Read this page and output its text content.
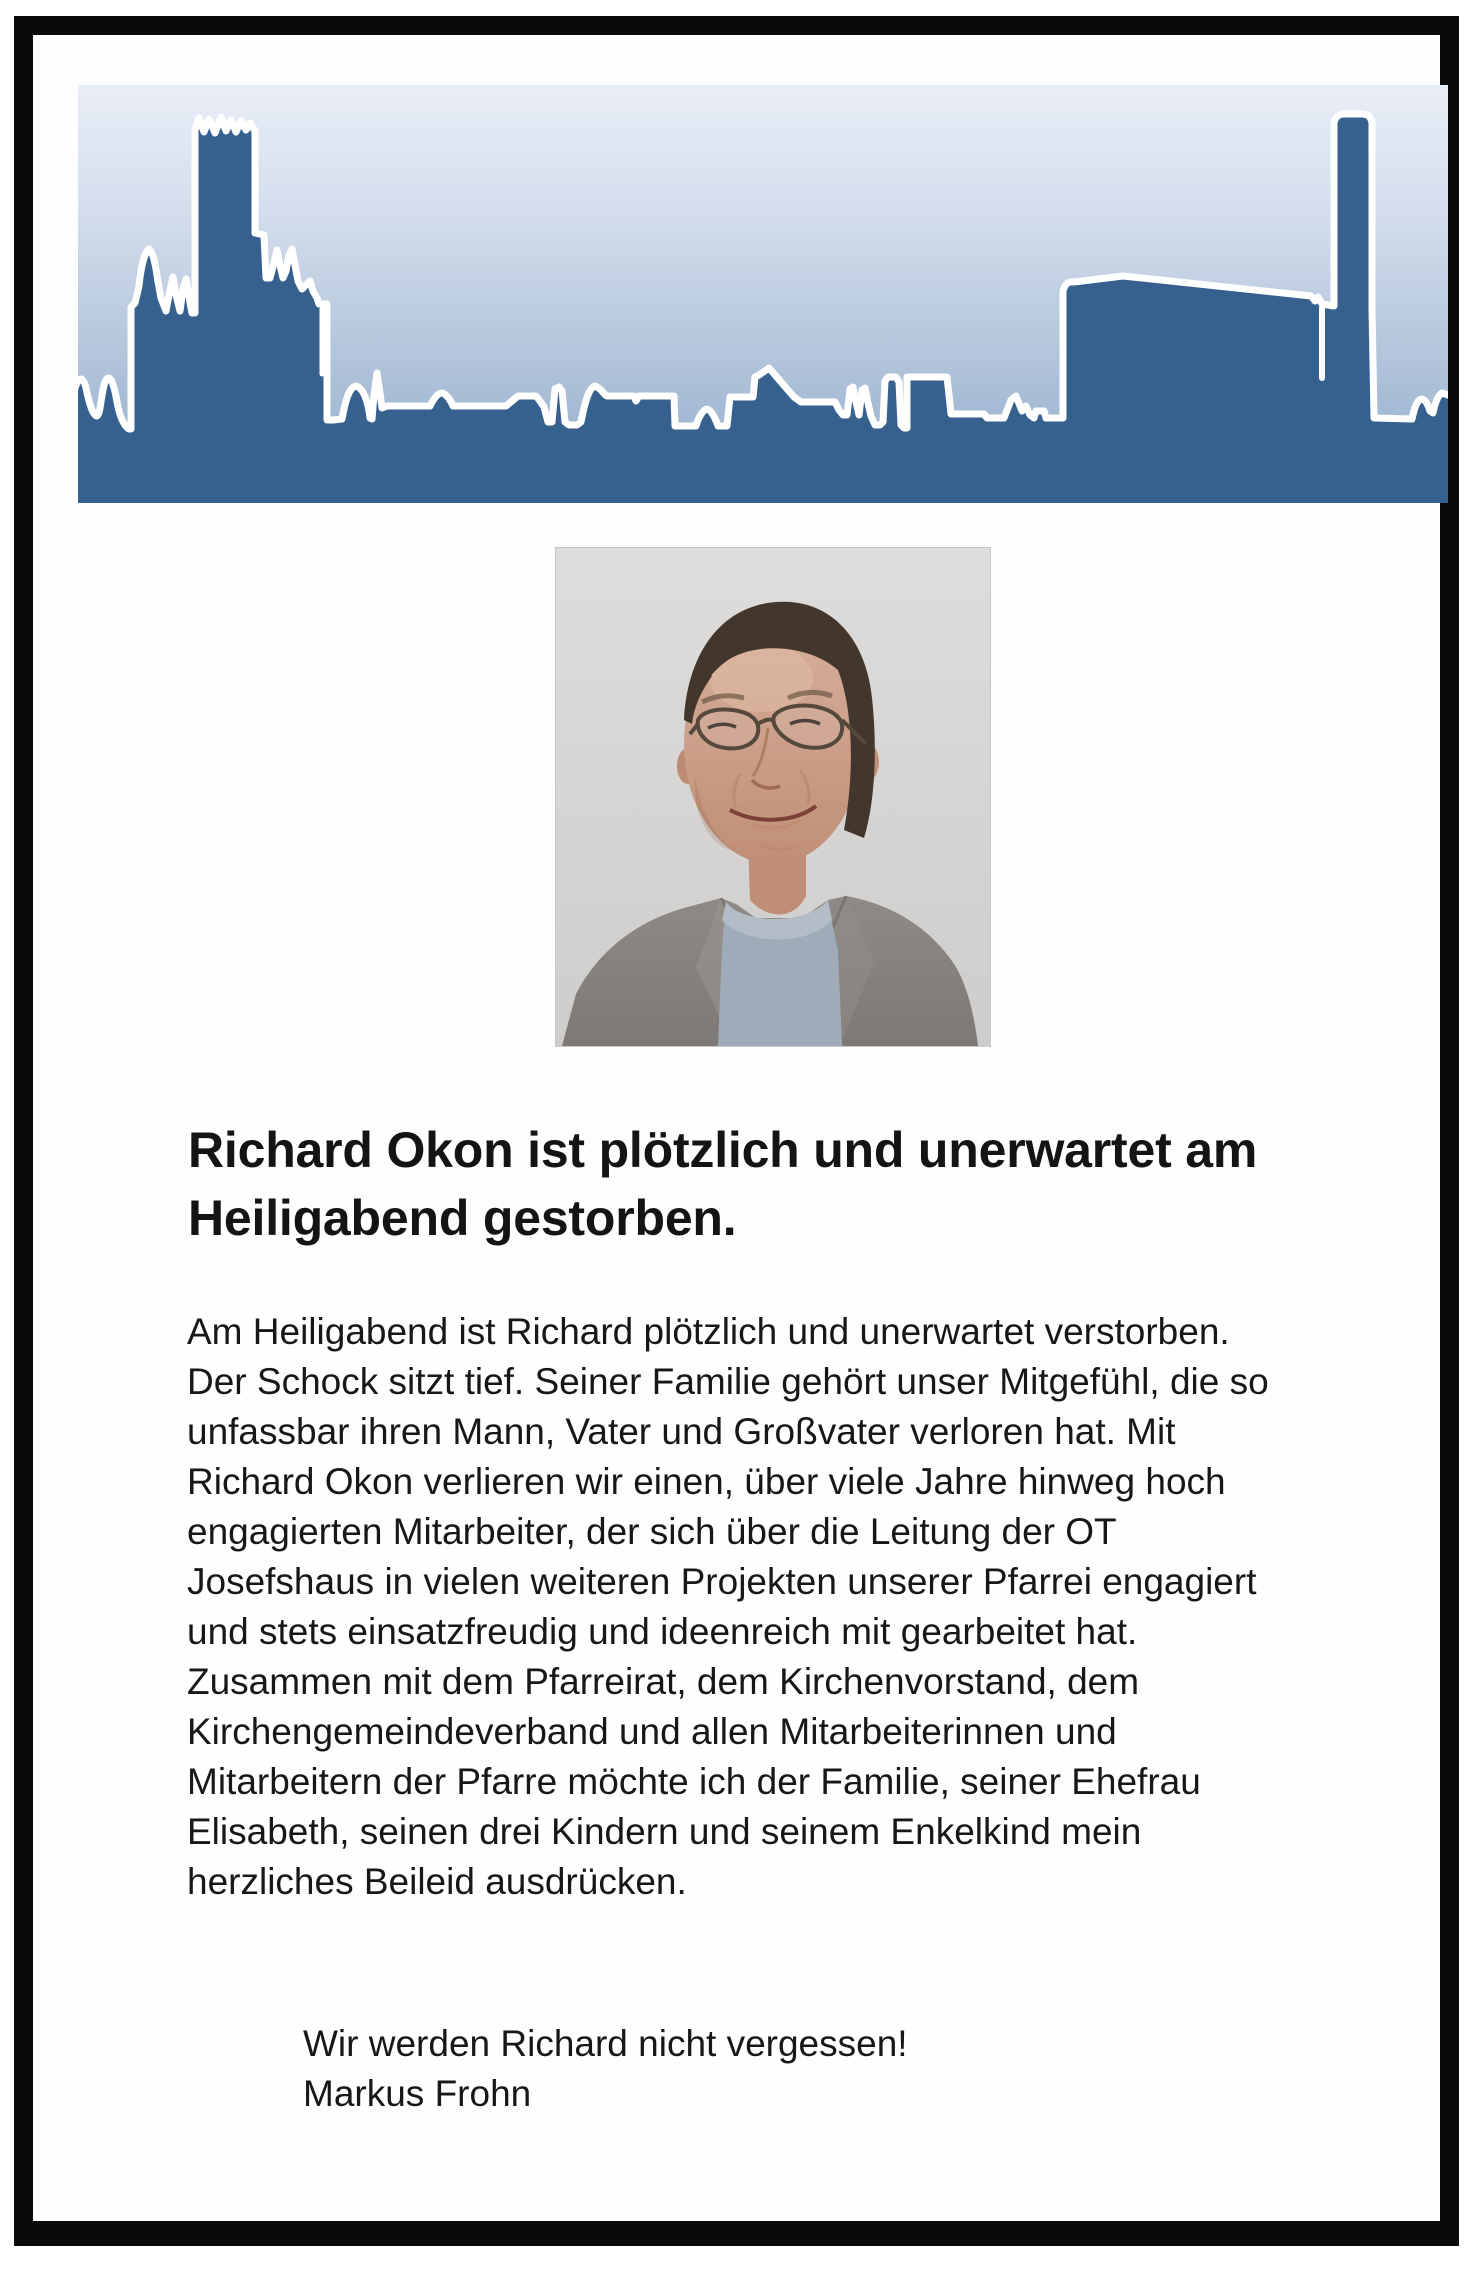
Richard Okon ist plötzlich und unerwartet am
Heiligabend gestorben.
Am Heiligabend ist Richard plötzlich und unerwartet verstorben.
Der Schock sitzt tief. Seiner Familie gehört unser Mitgefühl, die so
unfassbar ihren Mann, Vater und Großvater verloren hat. Mit
Richard Okon verlieren wir einen, über viele Jahre hinweg hoch
engagierten Mitarbeiter, der sich über die Leitung der OT
Josefshaus in vielen weiteren Projekten unserer Pfarrei engagiert
und stets einsatzfreudig und ideenreich mit gearbeitet hat.
Zusammen mit dem Pfarreirat, dem Kirchenvorstand, dem
Kirchengemeindeverband und allen Mitarbeiterinnen und
Mitarbeitern der Pfarre möchte ich der Familie, seiner Ehefrau
Elisabeth, seinen drei Kindern und seinem Enkelkind mein
herzliches Beileid ausdrücken.
Wir werden Richard nicht vergessen!
Markus Frohn
